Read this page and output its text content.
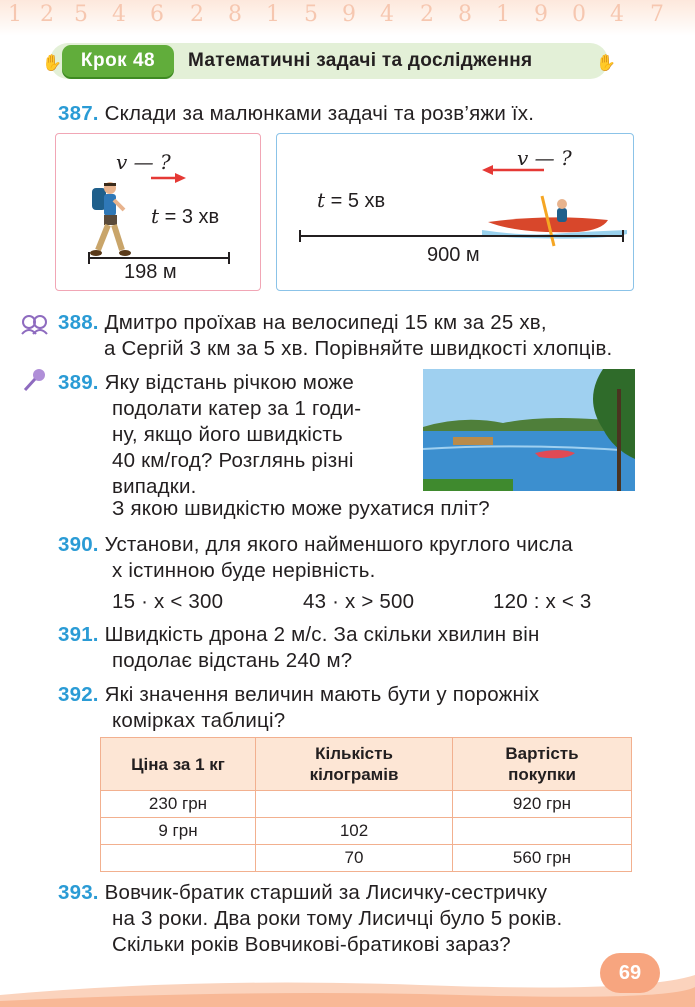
1 2 5 4 6 2 8 1 5 9 4 2 8 1 9 0 4 7
✋	✋
Крок 48	Математичні задачі та дослідження
387. Склади за малюнками задачі та розв’яжи їх.
v — ?
t = 3 хв
198 м
v — ?
t = 5 хв
900 м
388. Дмитро проїхав на велосипеді 15 км за 25 хв,
а Сергій 3 км за 5 хв. Порівняйте швидкості хлопців.
389. Яку відстань річкою може
подолати катер за 1 годи-
ну, якщо його швидкість
40 км/год? Розглянь різні
випадки.
З якою швидкістю може рухатися пліт?
390. Установи, для якого найменшого круглого числа
x істинною буде нерівність.
15 · x < 300	43 · x > 500	120 : x < 3
391. Швидкість дрона 2 м/с. За скільки хвилин він
подолає відстань 240 м?
392. Які значення величин мають бути у порожніх
комірках таблиці?
Ціна за 1 кг	Кількість кілограмів	Вартість покупки
230 грн		920 грн
9 грн	102	
	70	560 грн
393. Вовчик-братик старший за Лисичку-сестричку
на 3 роки. Два роки тому Лисичці було 5 років.
Скільки років Вовчикові-братикові зараз?
69
